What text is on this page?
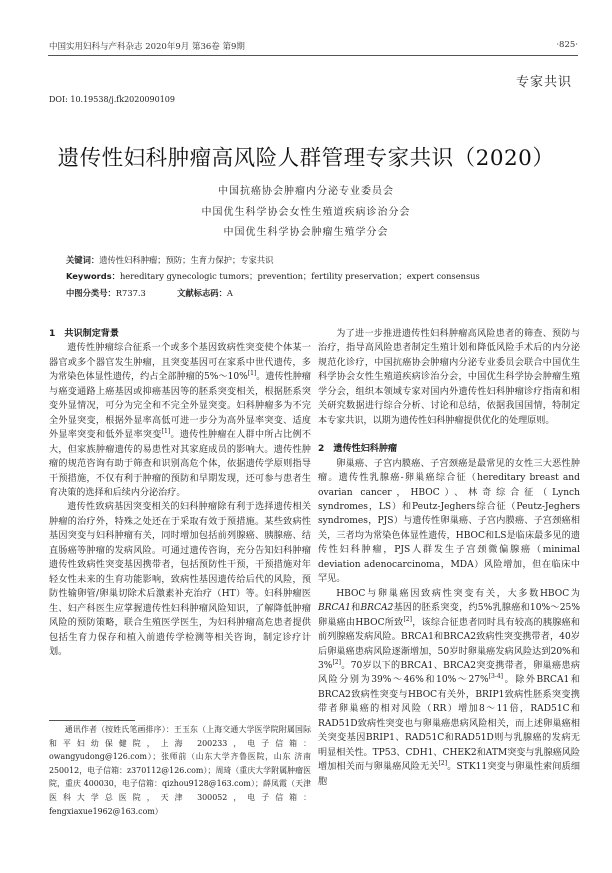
中国实用妇科与产科杂志 2020年9月 第36卷 第9期	·825·
专家共识
DOI: 10.19538/j.fk2020090109
遗传性妇科肿瘤高风险人群管理专家共识（2020）
中国抗癌协会肿瘤内分泌专业委员会
中国优生科学协会女性生殖道疾病诊治分会
中国优生科学协会肿瘤生殖学分会
关键词：遗传性妇科肿瘤；预防；生育力保护；专家共识
Keywords：hereditary gynecologic tumors；prevention；fertility preservation；expert consensus
中图分类号：R737.3	文献标志码：A
1　共识制定背景

遗传性肿瘤综合征系一个或多个基因致病性突变使个体某一器官或多个器官发生肿瘤，且突变基因可在家系中世代遗传，多为常染色体显性遗传，约占全部肿瘤的5%～10%[1]。遗传性肿瘤与癌变通路上癌基因或抑癌基因等的胚系突变相关，根据胚系突变外显情况，可分为完全和不完全外显突变。妇科肿瘤多为不完全外显突变，根据外显率高低可进一步分为高外显率突变、适度外显率突变和低外显率突变[1]。遗传性肿瘤在人群中所占比例不大，但家族肿瘤遗传的易患性对其家庭成员的影响大。遗传性肿瘤的规范咨询有助于筛查和识别高危个体，依据遗传学原则指导干预措施，不仅有利于肿瘤的预防和早期发现，还可参与患者生育决策的选择和后续内分泌治疗。

遗传性致病基因突变相关的妇科肿瘤除有利于选择遗传相关肿瘤的治疗外，特殊之处还在于采取有效于预措施。某些致病性基因突变与妇科肿瘤有关，同时增加包括前列腺癌、胰腺癌、结直肠癌等肿瘤的发病风险。可通过遗传咨询，充分告知妇科肿瘤遗传性致病性突变基因携带者，包括预防性干预，干预措施对年轻女性未来的生育功能影响，致病性基因遗传给后代的风险，预防性输卵管/卵巢切除术后激素补充治疗（HT）等。妇科肿瘤医生、妇产科医生应掌握遗传性妇科肿瘤风险知识，了解降低肿瘤风险的预防策略，联合生殖医学医生，为妇科肿瘤高危患者提供包括生育力保存和植入前遗传学检测等相关咨询，制定诊疗计划。

通讯作者（按姓氏笔画排序）：王玉东（上海交通大学医学院附属国际和平妇幼保健院，上海 200233，电子信箱：owangyudong@126.com）；张师前（山东大学齐鲁医院，山东 济南 250012，电子信箱：z370112@126.com）；周琦（重庆大学附属肿瘤医院，重庆 400030，电子信箱：qizhou9128@163.com）；薛凤霞（天津医科大学总医院，天津 300052，电子信箱：fengxiaxue1962@163.com）

为了进一步推进遗传性妇科肿瘤高风险患者的筛查、预防与治疗，指导高风险患者制定生殖计划和降低风险手术后的内分泌规范化诊疗，中国抗癌协会肿瘤内分泌专业委员会联合中国优生科学协会女性生殖道疾病诊治分会，中国优生科学协会肿瘤生殖学分会，组织本领域专家对国内外遗传性妇科肿瘤诊疗指南和相关研究数据进行综合分析、讨论和总结，依据我国国情，特制定本专家共识，以期为遗传性妇科肿瘤提供优化的处理原则。

2　遗传性妇科肿瘤

卵巢癌、子宫内膜癌、子宫颈癌是最常见的女性三大恶性肿瘤。遗传性乳腺癌-卵巢癌综合征（hereditary breast and ovarian cancer，HBOC）、林奇综合征（Lynch syndromes，LS）和Peutz-Jeghers综合征（Peutz-Jeghers syndromes，PJS）与遗传性卵巢癌、子宫内膜癌、子宫颈癌相关，三者均为常染色体显性遗传，HBOC和LS是临床最多见的遗传性妇科肿瘤，PJS人群发生子宫颈微偏腺癌（minimal deviation adenocarcinoma，MDA）风险增加，但在临床中罕见。

HBOC与卵巢癌因致病性突变有关，大多数HBOC为BRCA1和BRCA2基因的胚系突变，约5%乳腺癌和10%～25%卵巢癌由HBOC所致[2]，该综合征患者同时具有较高的胰腺癌和前列腺癌发病风险。BRCA1和BRCA2致病性突变携带者，40岁后卵巢癌患病风险逐渐增加，50岁时卵巢癌发病风险达到20%和3%[2]。70岁以下的BRCA1、BRCA2突变携带者，卵巢癌患病风险分别为39%～46%和10%～27%[3-4]。除外BRCA1和BRCA2致病性突变与HBOC有关外，BRIP1致病性胚系突变携带者卵巢癌的相对风险（RR）增加8～11倍，RAD51C和RAD51D致病性突变也与卵巢癌患病风险相关，而上述卵巢癌相关突变基因BRIP1、RAD51C和RAD51D则与乳腺癌的发病无明显相关性。TP53、CDH1、CHEK2和ATM突变与乳腺癌风险增加相关而与卵巢癌风险无关[2]。STK11突变与卵巢性索间质细胞
